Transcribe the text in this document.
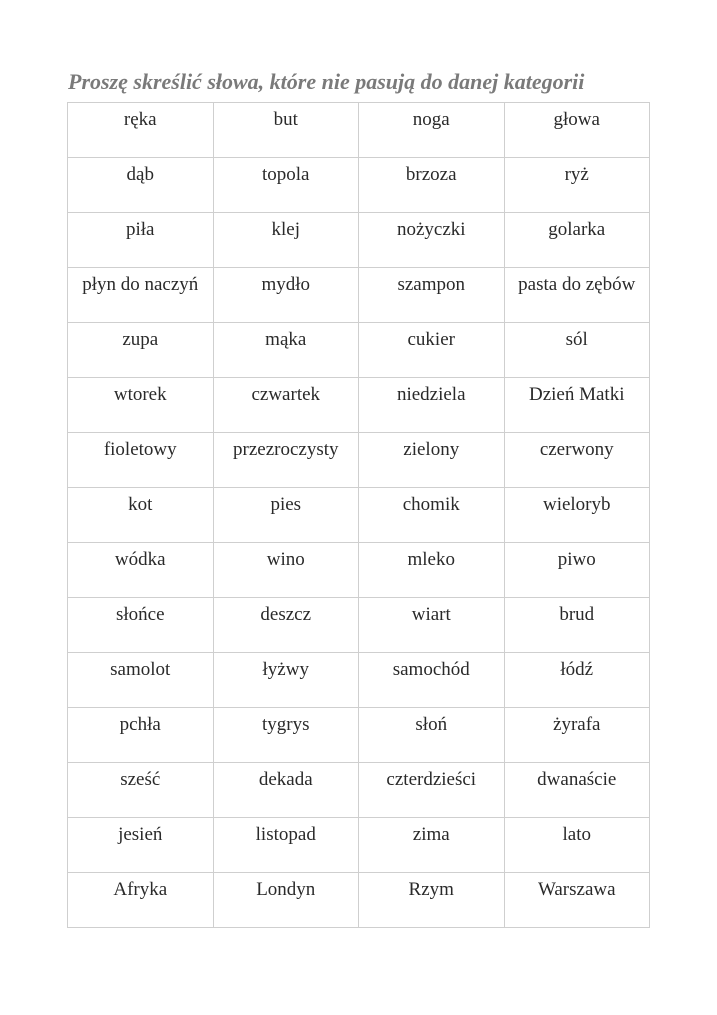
Proszę skreślić słowa, które nie pasują do danej kategorii
ręka	but	noga	głowa
dąb	topola	brzoza	ryż
piła	klej	nożyczki	golarka
płyn do naczyń	mydło	szampon	pasta do zębów
zupa	mąka	cukier	sól
wtorek	czwartek	niedziela	Dzień Matki
fioletowy	przezroczysty	zielony	czerwony
kot	pies	chomik	wieloryb
wódka	wino	mleko	piwo
słońce	deszcz	wiart	brud
samolot	łyżwy	samochód	łódź
pchła	tygrys	słoń	żyrafa
sześć	dekada	czterdzieści	dwanaście
jesień	listopad	zima	lato
Afryka	Londyn	Rzym	Warszawa
